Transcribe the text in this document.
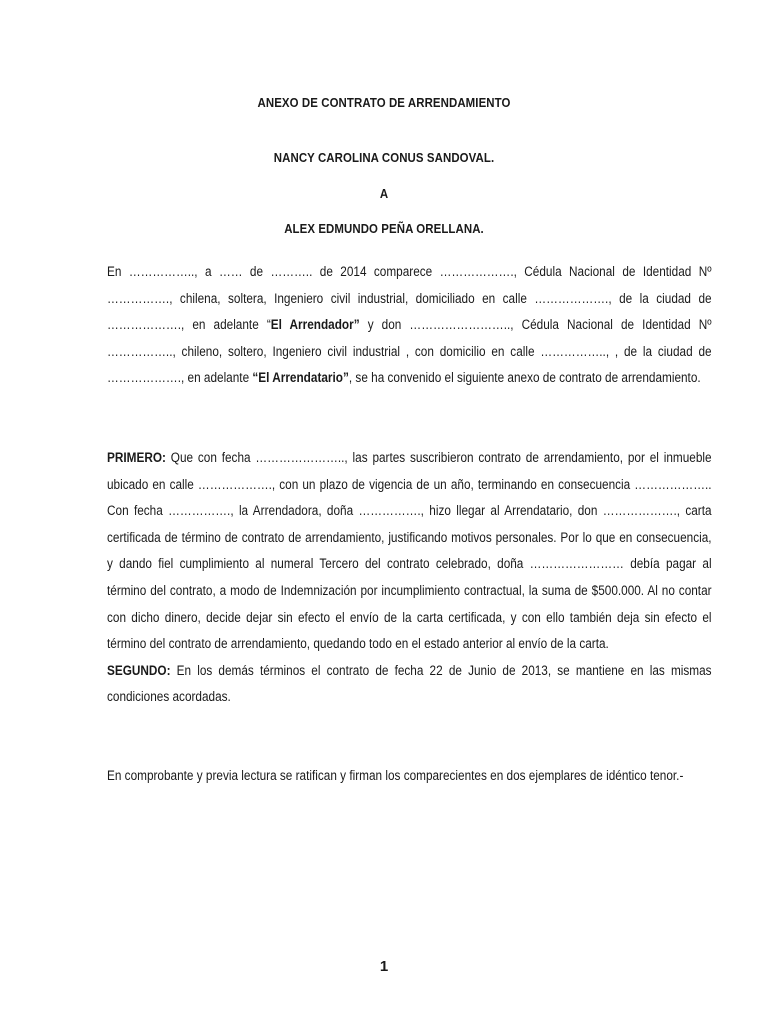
ANEXO DE CONTRATO DE ARRENDAMIENTO
NANCY CAROLINA CONUS SANDOVAL.
A
ALEX EDMUNDO PEÑA ORELLANA.

En …………….., a …… de ……….. de 2014 comparece ………………., Cédula Nacional de Identidad Nº ……………., chilena, soltera, Ingeniero civil industrial, domiciliado en calle ………………., de la ciudad de ………………., en adelante “El Arrendador” y don …………………….., Cédula Nacional de Identidad Nº …………….., chileno, soltero, Ingeniero civil industrial , con domicilio en calle …………….., , de la ciudad de ………………., en adelante “El Arrendatario”, se ha convenido el siguiente anexo de contrato de arrendamiento.

PRIMERO: Que con fecha ………………….., las partes suscribieron contrato de arrendamiento, por el inmueble ubicado en calle ………………., con un plazo de vigencia de un año, terminando en consecuencia ……………….. Con fecha ……………., la Arrendadora, doña ……………., hizo llegar al Arrendatario, don ………………., carta certificada de término de contrato de arrendamiento, justificando motivos personales. Por lo que en consecuencia, y dando fiel cumplimiento al numeral Tercero del contrato celebrado, doña …………………… debía pagar al término del contrato, a modo de Indemnización por incumplimiento contractual, la suma de $500.000. Al no contar con dicho dinero, decide dejar sin efecto el envío de la carta certificada, y con ello también deja sin efecto el término del contrato de arrendamiento, quedando todo en el estado anterior al envío de la carta.

SEGUNDO: En los demás términos el contrato de fecha 22 de Junio de 2013, se mantiene en las mismas condiciones acordadas.

En comprobante y previa lectura se ratifican y firman los comparecientes en dos ejemplares de idéntico tenor.-

1
